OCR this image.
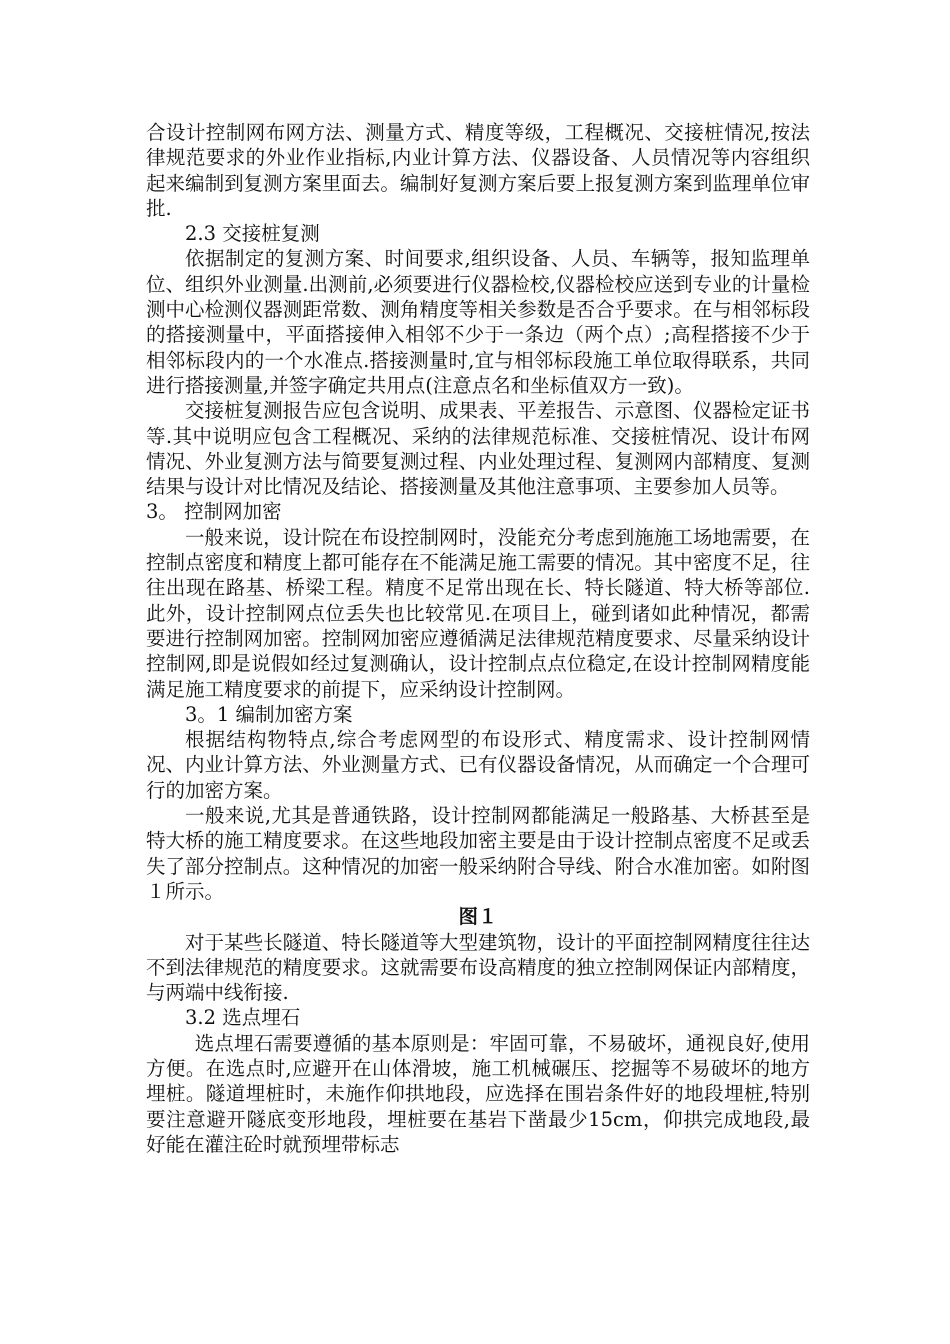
合设计控制网布网方法、测量方式、精度等级，工程概况、交接桩情况,按法律规范要求的外业作业指标,内业计算方法、仪器设备、人员情况等内容组织起来编制到复测方案里面去。编制好复测方案后要上报复测方案到监理单位审批.

2.3 交接桩复测

依据制定的复测方案、时间要求,组织设备、人员、车辆等，报知监理单位、组织外业测量.出测前,必须要进行仪器检校,仪器检校应送到专业的计量检测中心检测仪器测距常数、测角精度等相关参数是否合乎要求。在与相邻标段的搭接测量中，平面搭接伸入相邻不少于一条边（两个点）;高程搭接不少于相邻标段内的一个水准点.搭接测量时,宜与相邻标段施工单位取得联系，共同进行搭接测量,并签字确定共用点(注意点名和坐标值双方一致)。

交接桩复测报告应包含说明、成果表、平差报告、示意图、仪器检定证书等.其中说明应包含工程概况、采纳的法律规范标准、交接桩情况、设计布网情况、外业复测方法与简要复测过程、内业处理过程、复测网内部精度、复测结果与设计对比情况及结论、搭接测量及其他注意事项、主要参加人员等。

3。 控制网加密

一般来说，设计院在布设控制网时，没能充分考虑到施施工场地需要，在控制点密度和精度上都可能存在不能满足施工需要的情况。其中密度不足，往往出现在路基、桥梁工程。精度不足常出现在长、特长隧道、特大桥等部位.此外，设计控制网点位丢失也比较常见.在项目上，碰到诸如此种情况，都需要进行控制网加密。控制网加密应遵循满足法律规范精度要求、尽量采纳设计控制网,即是说假如经过复测确认，设计控制点点位稳定,在设计控制网精度能满足施工精度要求的前提下，应采纳设计控制网。

3。1 编制加密方案

根据结构物特点,综合考虑网型的布设形式、精度需求、设计控制网情况、内业计算方法、外业测量方式、已有仪器设备情况，从而确定一个合理可行的加密方案。

一般来说,尤其是普通铁路，设计控制网都能满足一般路基、大桥甚至是特大桥的施工精度要求。在这些地段加密主要是由于设计控制点密度不足或丢失了部分控制点。这种情况的加密一般采纳附合导线、附合水准加密。如附图１所示。

图１

对于某些长隧道、特长隧道等大型建筑物，设计的平面控制网精度往往达不到法律规范的精度要求。这就需要布设高精度的独立控制网保证内部精度，与两端中线衔接.

3.2 选点埋石

选点埋石需要遵循的基本原则是：牢固可靠，不易破坏，通视良好,使用方便。在选点时,应避开在山体滑坡，施工机械碾压、挖掘等不易破坏的地方埋桩。隧道埋桩时，未施作仰拱地段，应选择在围岩条件好的地段埋桩,特别要注意避开隧底变形地段，埋桩要在基岩下凿最少15cm，仰拱完成地段,最好能在灌注砼时就预埋带标志
